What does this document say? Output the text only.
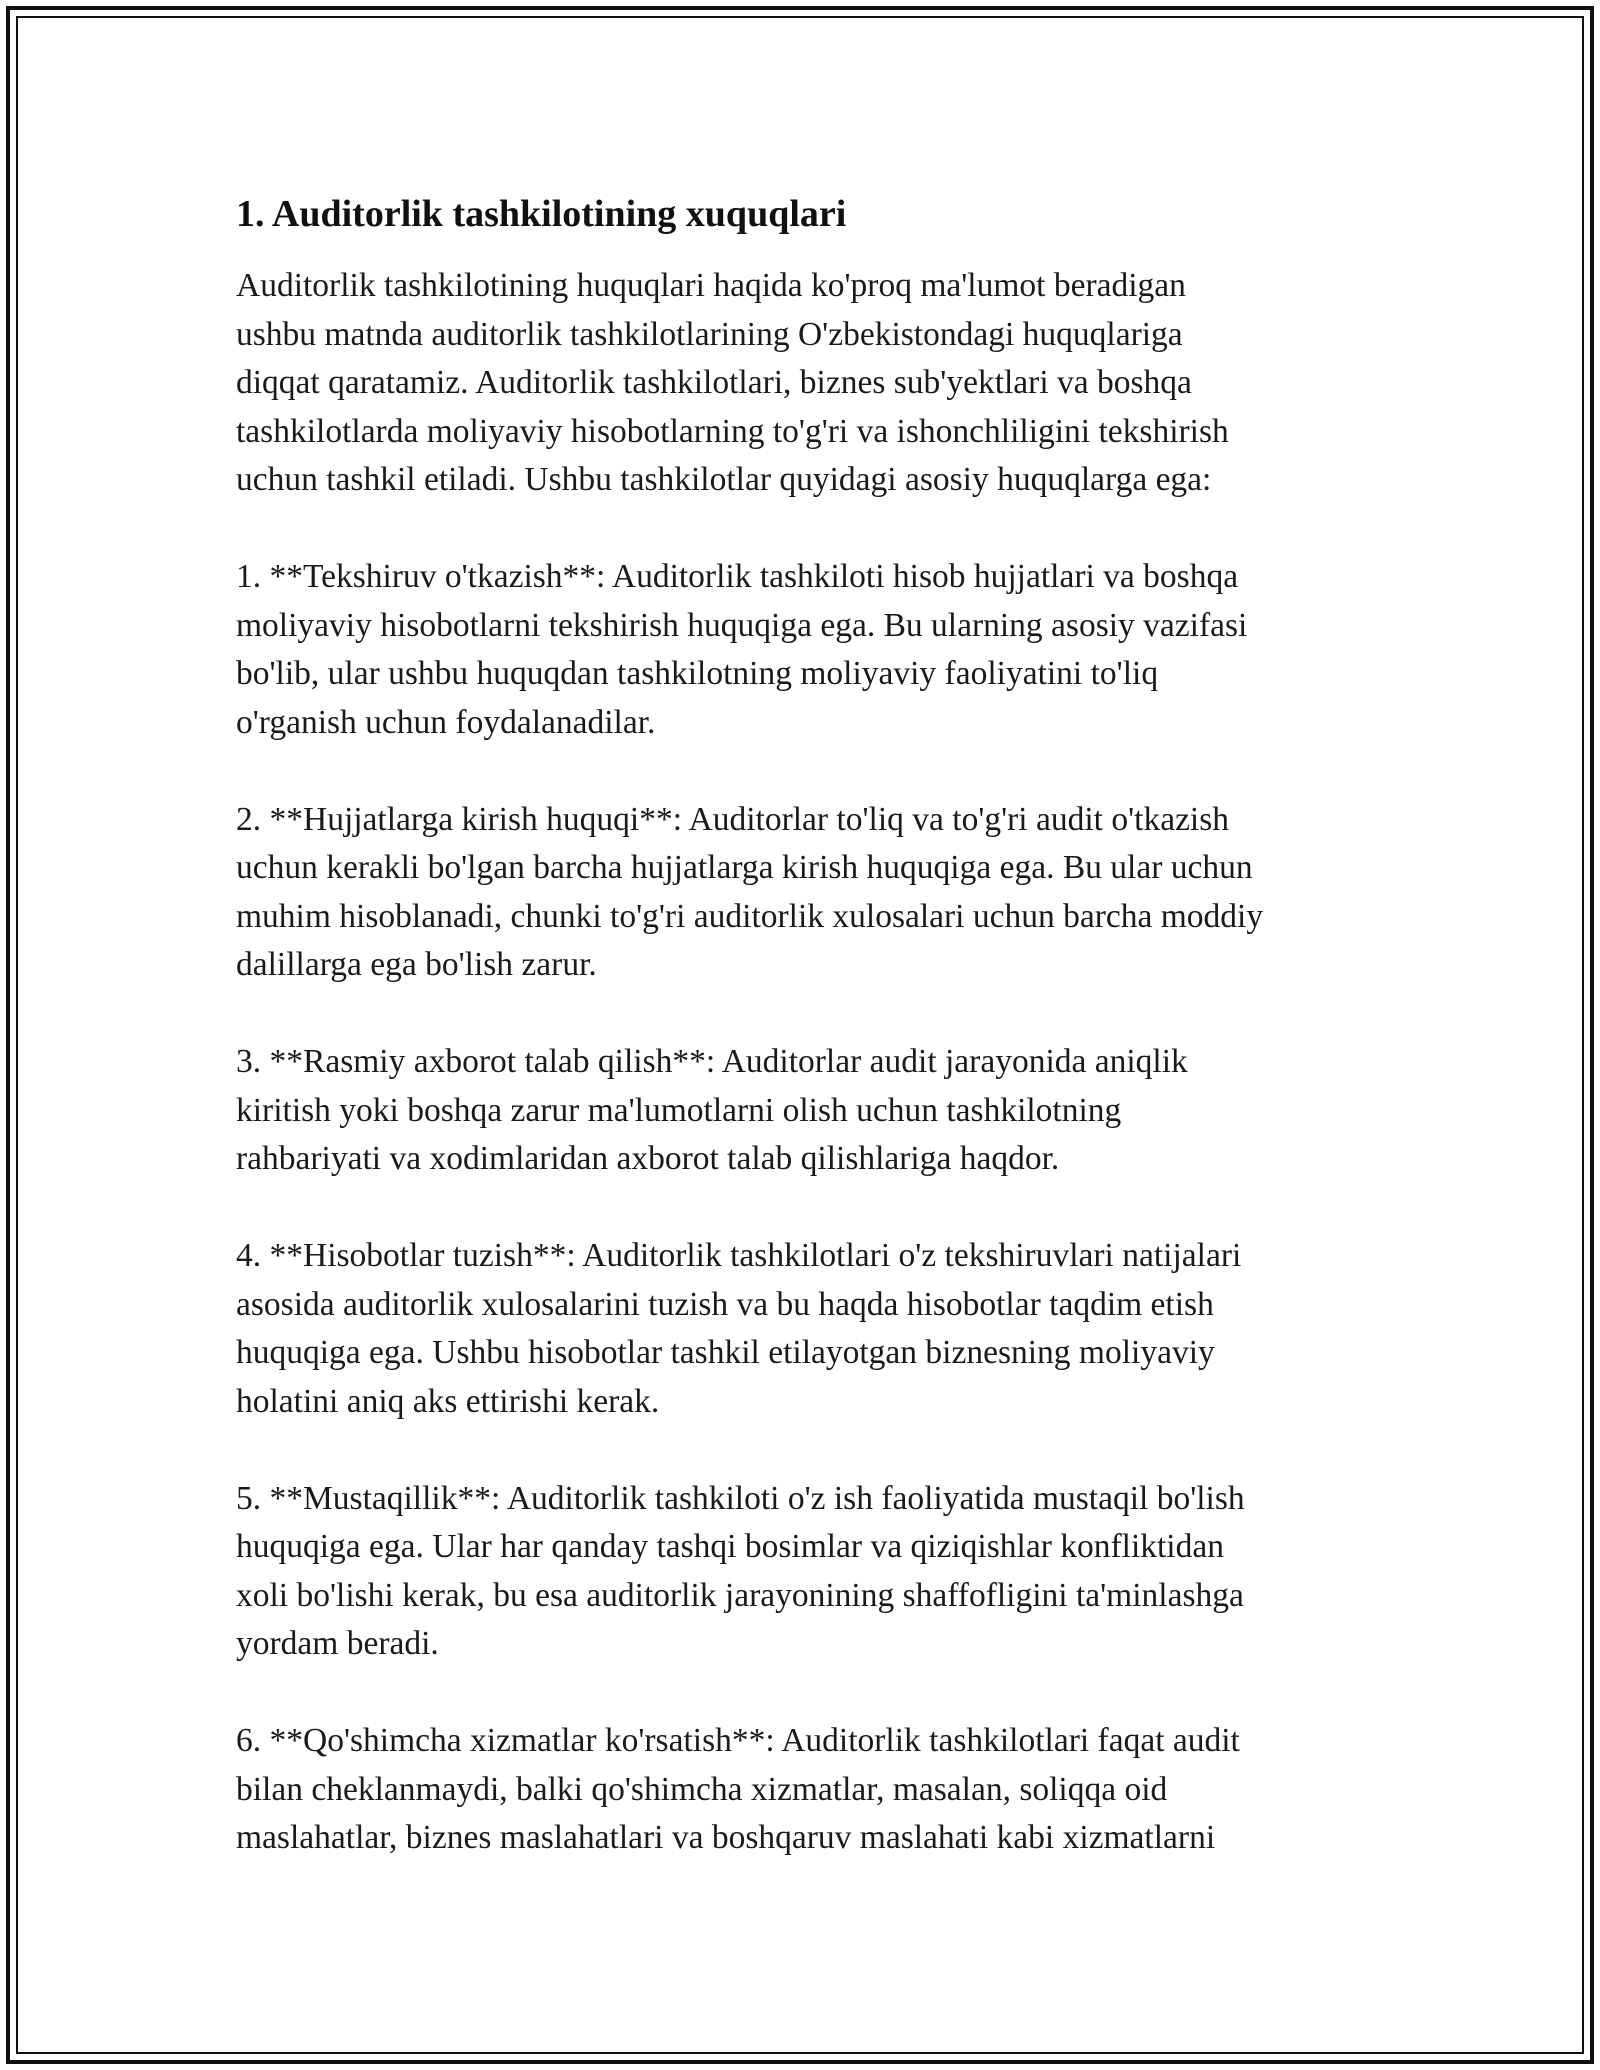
1. Auditorlik tashkilotining xuquqlari

Auditorlik tashkilotining huquqlari haqida ko'proq ma'lumot beradigan
ushbu matnda auditorlik tashkilotlarining O'zbekistondagi huquqlariga
diqqat qaratamiz. Auditorlik tashkilotlari, biznes sub'yektlari va boshqa
tashkilotlarda moliyaviy hisobotlarning to'g'ri va ishonchliligini tekshirish
uchun tashkil etiladi. Ushbu tashkilotlar quyidagi asosiy huquqlarga ega:

1. **Tekshiruv o'tkazish**: Auditorlik tashkiloti hisob hujjatlari va boshqa
moliyaviy hisobotlarni tekshirish huquqiga ega. Bu ularning asosiy vazifasi
bo'lib, ular ushbu huquqdan tashkilotning moliyaviy faoliyatini to'liq
o'rganish uchun foydalanadilar.

2. **Hujjatlarga kirish huquqi**: Auditorlar to'liq va to'g'ri audit o'tkazish
uchun kerakli bo'lgan barcha hujjatlarga kirish huquqiga ega. Bu ular uchun
muhim hisoblanadi, chunki to'g'ri auditorlik xulosalari uchun barcha moddiy
dalillarga ega bo'lish zarur.

3. **Rasmiy axborot talab qilish**: Auditorlar audit jarayonida aniqlik
kiritish yoki boshqa zarur ma'lumotlarni olish uchun tashkilotning
rahbariyati va xodimlaridan axborot talab qilishlariga haqdor.

4. **Hisobotlar tuzish**: Auditorlik tashkilotlari o'z tekshiruvlari natijalari
asosida auditorlik xulosalarini tuzish va bu haqda hisobotlar taqdim etish
huquqiga ega. Ushbu hisobotlar tashkil etilayotgan biznesning moliyaviy
holatini aniq aks ettirishi kerak.

5. **Mustaqillik**: Auditorlik tashkiloti o'z ish faoliyatida mustaqil bo'lish
huquqiga ega. Ular har qanday tashqi bosimlar va qiziqishlar konfliktidan
xoli bo'lishi kerak, bu esa auditorlik jarayonining shaffofligini ta'minlashga
yordam beradi.

6. **Qo'shimcha xizmatlar ko'rsatish**: Auditorlik tashkilotlari faqat audit
bilan cheklanmaydi, balki qo'shimcha xizmatlar, masalan, soliqqa oid
maslahatlar, biznes maslahatlari va boshqaruv maslahati kabi xizmatlarni
